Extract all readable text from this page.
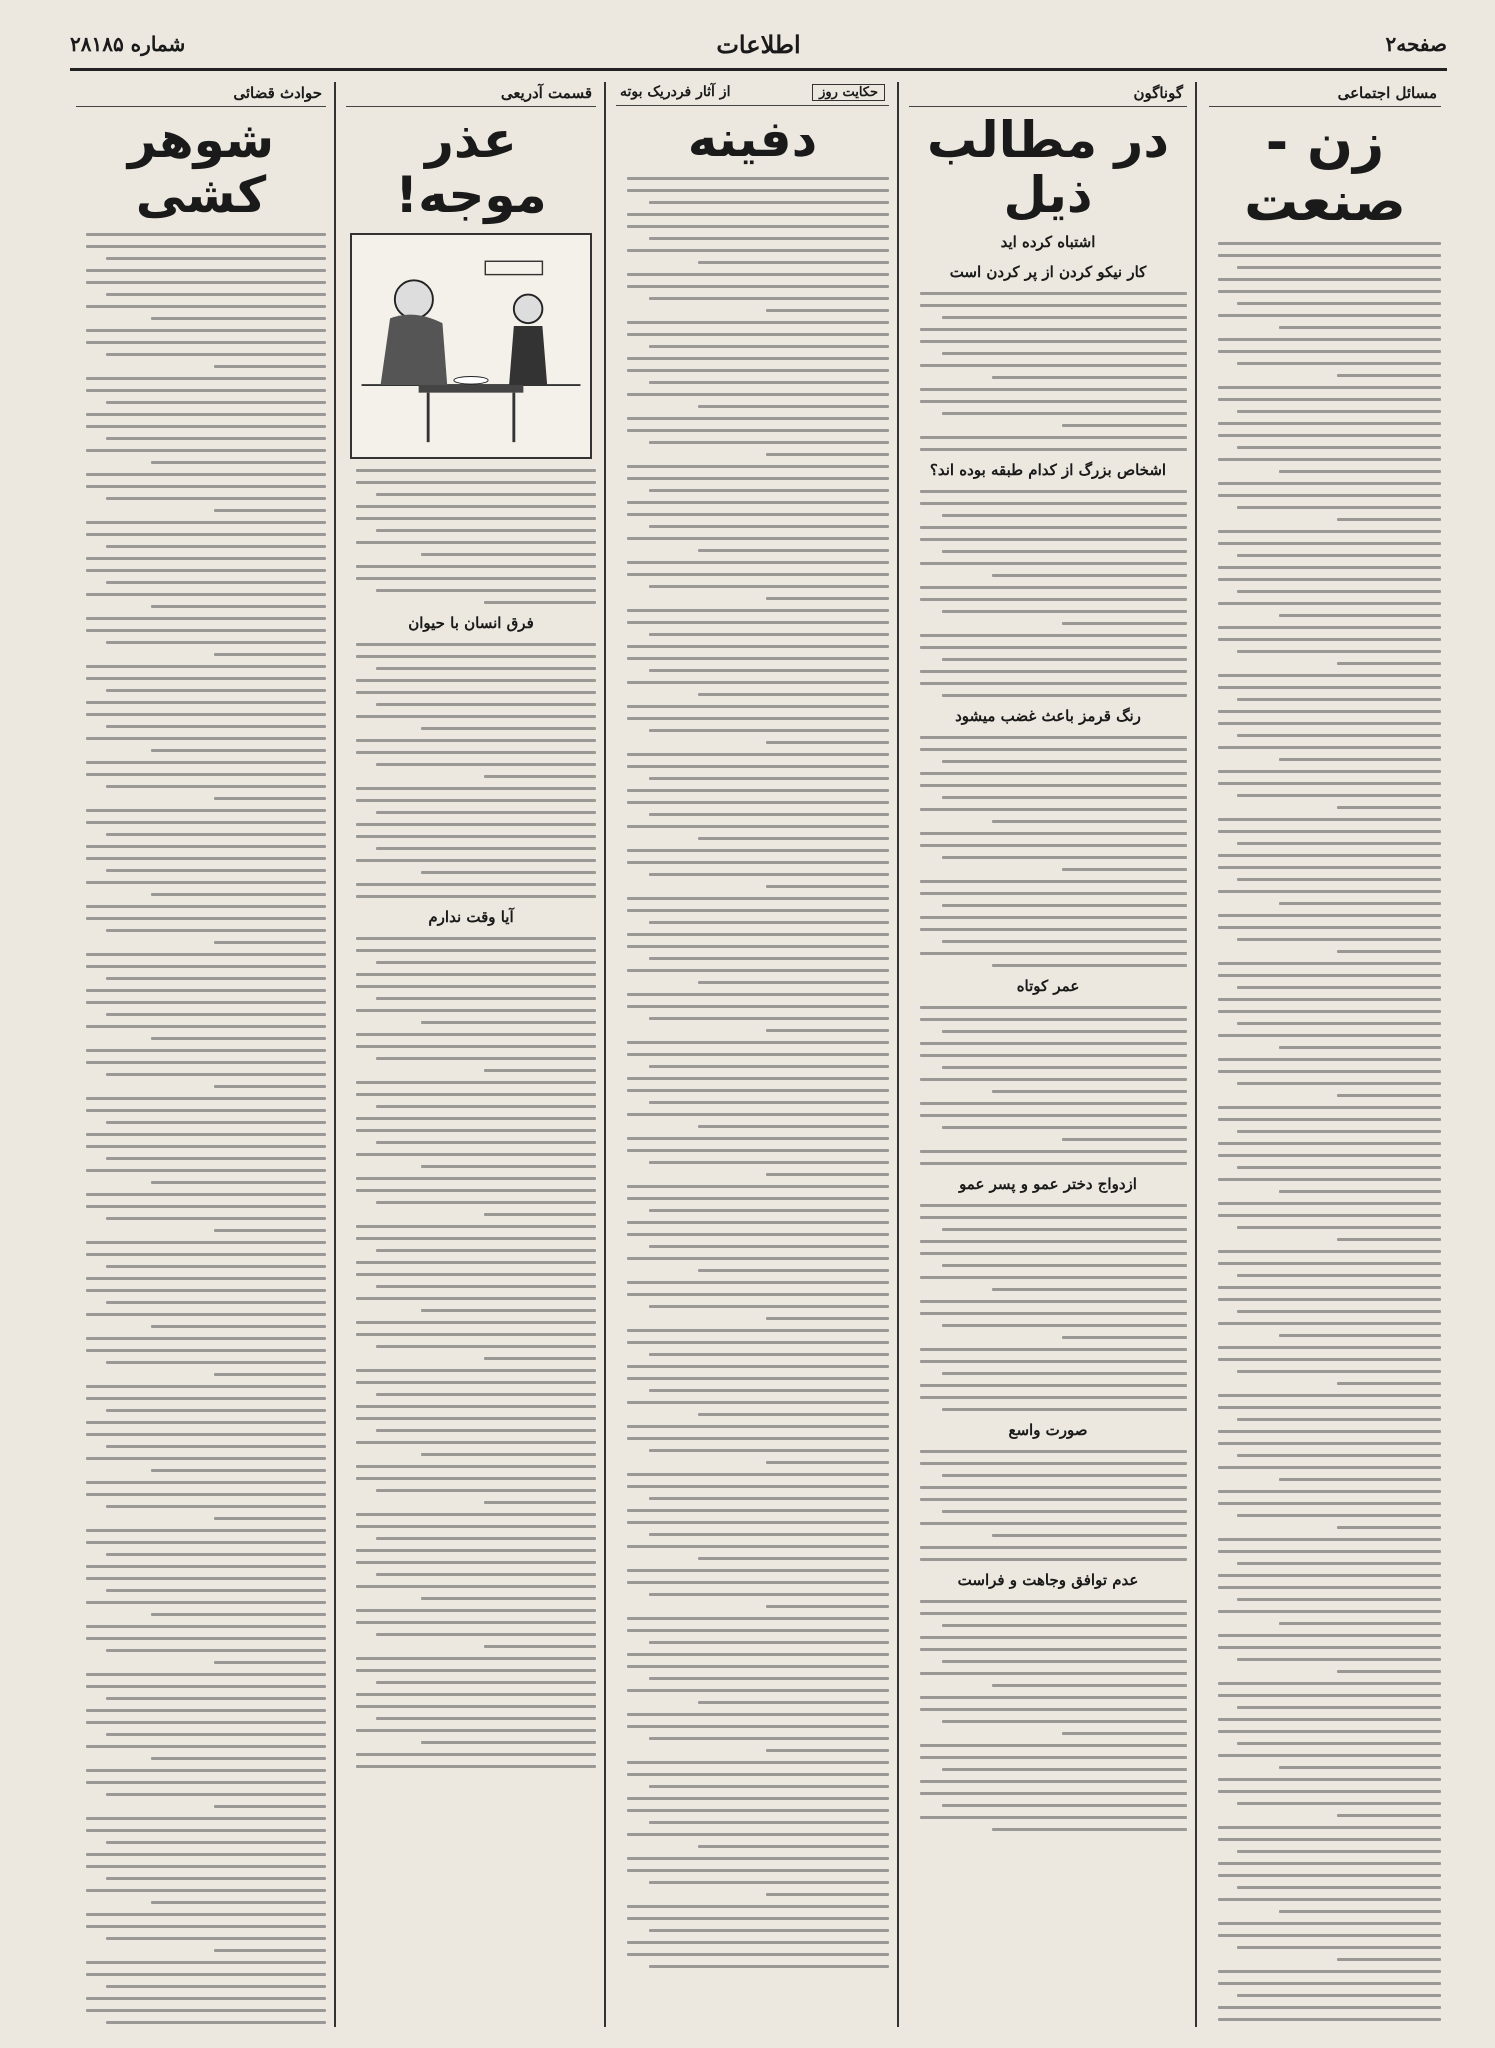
صفحه۲
اطلاعات
شماره ۲۸۱۸۵
مسائل اجتماعی
زن - صنعت
گوناگون
در مطالب ذیل
اشتباه کرده اید
کار نیکو کردن از پر کردن است
اشخاص بزرگ از کدام طبقه بوده اند؟
رنگ قرمز باعث غضب میشود
عمر کوتاه
ازدواج دختر عمو و پسر عمو
صورت واسع
عدم توافق وجاهت و فراست
حکایت روز
از آثار فردریک بوته
دفینه
قسمت آدریعی
عذر موجه!
فرق انسان با حیوان
آیا وقت ندارم
حوادث قضائی
شوهر کشی
